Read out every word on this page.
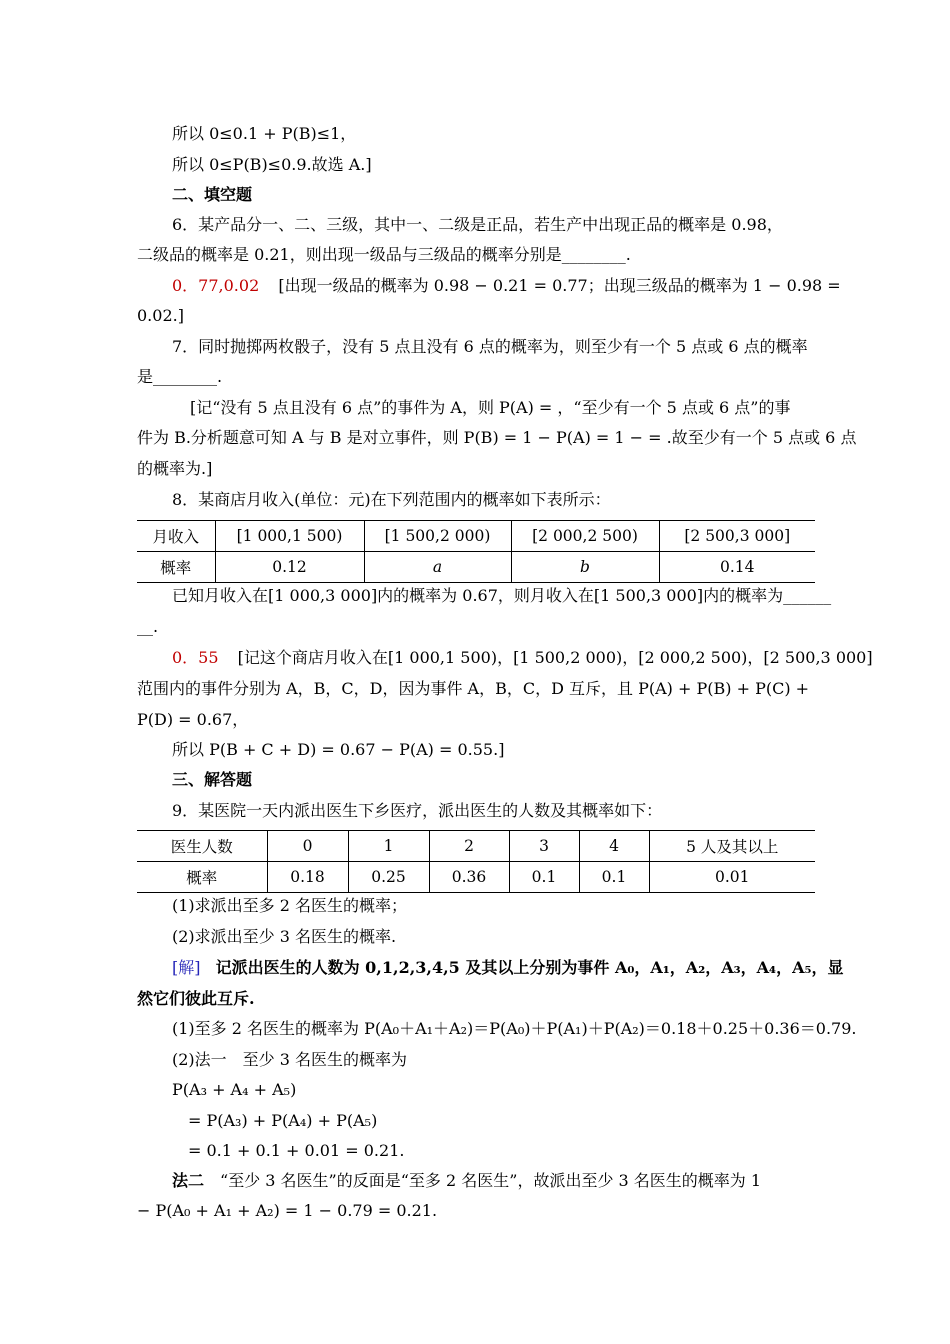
所以 0≤0.1 + P(B)≤1，
所以 0≤P(B)≤0.9.故选 A.]
二、填空题
6．某产品分一、二、三级，其中一、二级是正品，若生产中出现正品的概率是 0.98，
二级品的概率是 0.21，则出现一级品与三级品的概率分别是________.
0．77,0.02 [出现一级品的概率为 0.98 − 0.21 = 0.77；出现三级品的概率为 1 − 0.98 =
0.02.]
7．同时抛掷两枚骰子，没有 5 点且没有 6 点的概率为，则至少有一个 5 点或 6 点的概率
是________.
[记“没有 5 点且没有 6 点”的事件为 A，则 P(A) = ，“至少有一个 5 点或 6 点”的事
件为 B.分析题意可知 A 与 B 是对立事件，则 P(B) = 1 − P(A) = 1 − = .故至少有一个 5 点或 6 点
的概率为.]
8．某商店月收入(单位：元)在下列范围内的概率如下表所示：
月收入	[1 000,1 500)	[1 500,2 000)	[2 000,2 500)	[2 500,3 000]
概率	0.12	a	b	0.14
已知月收入在[1 000,3 000]内的概率为 0.67，则月收入在[1 500,3 000]内的概率为______
__.
0．55 [记这个商店月收入在[1 000,1 500)，[1 500,2 000)，[2 000,2 500)，[2 500,3 000]
范围内的事件分别为 A，B，C，D，因为事件 A，B，C，D 互斥，且 P(A) + P(B) + P(C) +
P(D) = 0.67，
所以 P(B + C + D) = 0.67 − P(A) = 0.55.]
三、解答题
9．某医院一天内派出医生下乡医疗，派出医生的人数及其概率如下：
医生人数	0	1	2	3	4	5 人及其以上
概率	0.18	0.25	0.36	0.1	0.1	0.01
(1)求派出至多 2 名医生的概率；
(2)求派出至少 3 名医生的概率.
[解] 记派出医生的人数为 0,1,2,3,4,5 及其以上分别为事件 A₀，A₁，A₂，A₃，A₄，A₅，显
然它们彼此互斥.
(1)至多 2 名医生的概率为 P(A₀＋A₁＋A₂)＝P(A₀)＋P(A₁)＋P(A₂)＝0.18＋0.25＋0.36＝0.79.
(2)法一　至少 3 名医生的概率为
P(A₃ + A₄ + A₅)
= P(A₃) + P(A₄) + P(A₅)
= 0.1 + 0.1 + 0.01 = 0.21.
法二　“至少 3 名医生”的反面是“至多 2 名医生”，故派出至少 3 名医生的概率为 1
− P(A₀ + A₁ + A₂) = 1 − 0.79 = 0.21.
